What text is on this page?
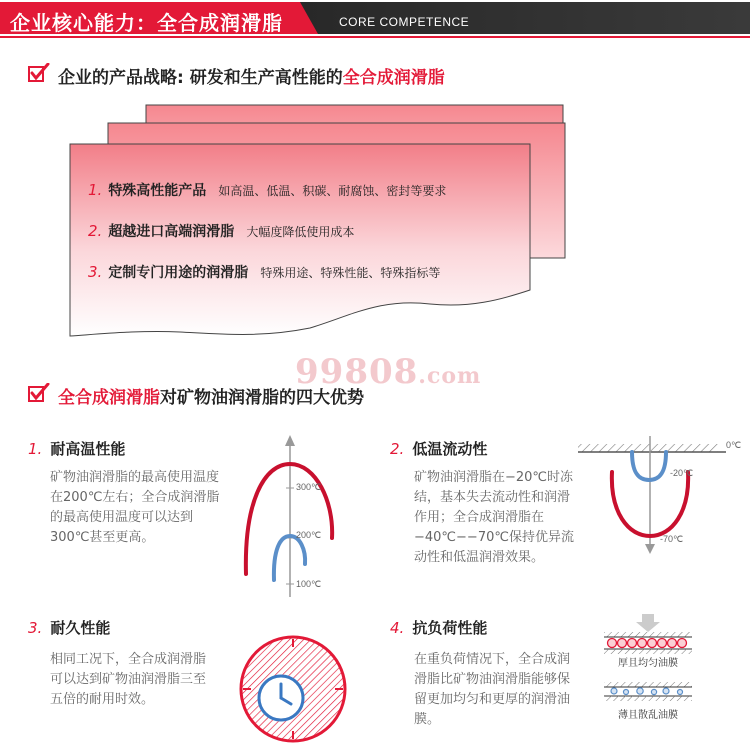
企业核心能力：全合成润滑脂	CORE COMPETENCE
企业的产品战略: 研发和生产高性能的全合成润滑脂
1. 特殊高性能产品 如高温、低温、积碳、耐腐蚀、密封等要求
2. 超越进口高端润滑脂 大幅度降低使用成本
3. 定制专门用途的润滑脂 特殊用途、特殊性能、特殊指标等
99808.com
全合成润滑脂对矿物油润滑脂的四大优势
1. 耐高温性能
矿物油润滑脂的最高使用温度在200℃左右；全合成润滑脂的最高使用温度可以达到300℃甚至更高。
300℃
200℃
100℃
2. 低温流动性
矿物油润滑脂在−20℃时冻结，基本失去流动性和润滑作用；全合成润滑脂在−40℃−−70℃保持优异流动性和低温润滑效果。
0℃
-20℃
-70℃
3. 耐久性能
相同工况下，全合成润滑脂可以达到矿物油润滑脂三至五倍的耐用时效。
4. 抗负荷性能
在重负荷情况下，全合成润滑脂比矿物油润滑脂能够保留更加均匀和更厚的润滑油膜。
厚且均匀油膜
薄且散乱油膜
